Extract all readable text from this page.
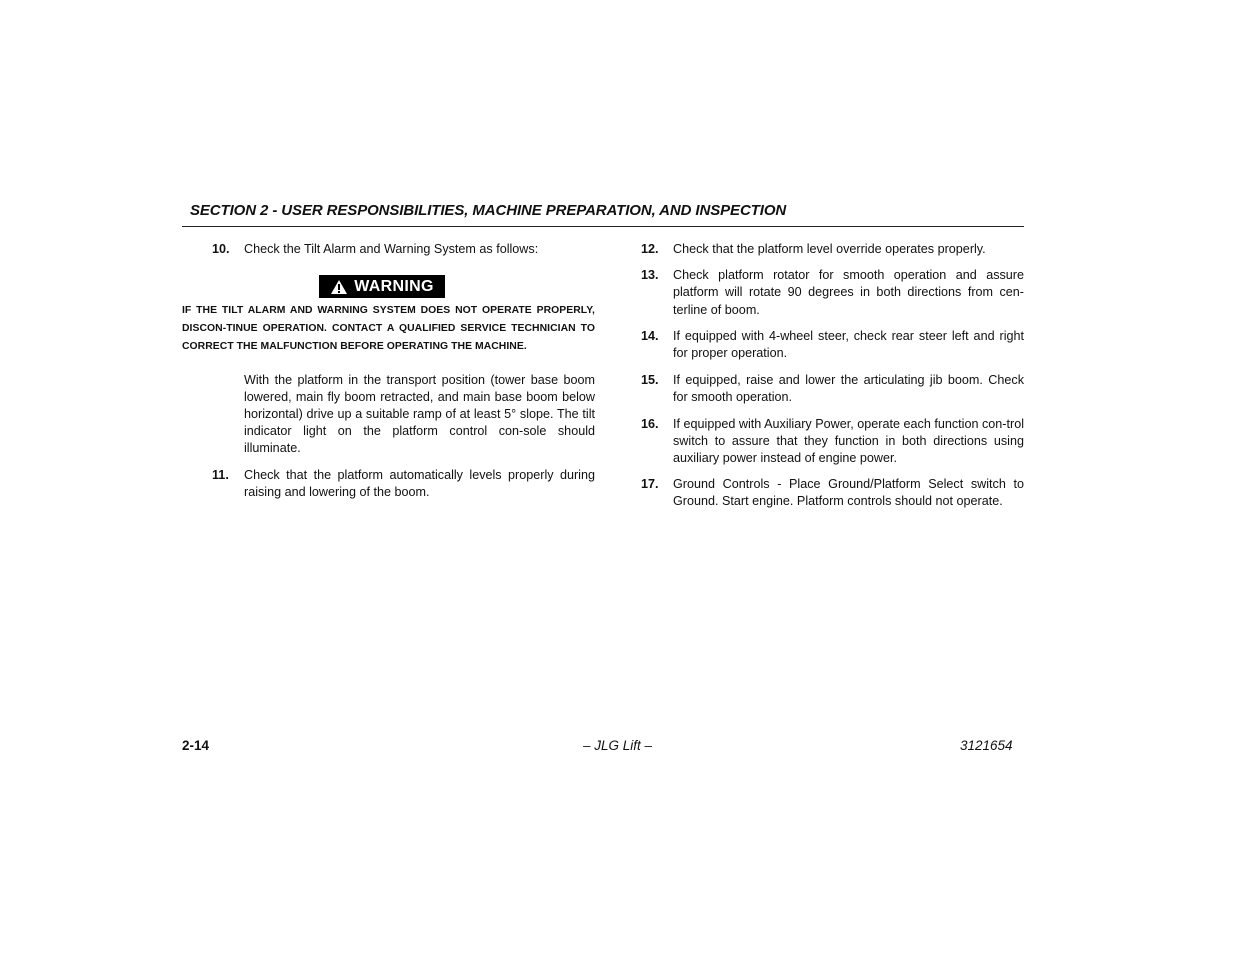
SECTION 2 - USER RESPONSIBILITIES, MACHINE PREPARATION, AND INSPECTION
10.	Check the Tilt Alarm and Warning System as follows:
WARNING
IF THE TILT ALARM AND WARNING SYSTEM DOES NOT OPERATE PROPERLY, DISCON-TINUE OPERATION. CONTACT A QUALIFIED SERVICE TECHNICIAN TO CORRECT THE MALFUNCTION BEFORE OPERATING THE MACHINE.
With the platform in the transport position (tower base boom lowered, main fly boom retracted, and main base boom below horizontal) drive up a suitable ramp of at least 5° slope. The tilt indicator light on the platform control con-sole should illuminate.
11.	Check that the platform automatically levels properly during raising and lowering of the boom.
12.	Check that the platform level override operates properly.
13.	Check platform rotator for smooth operation and assure platform will rotate 90 degrees in both directions from cen-terline of boom.
14.	If equipped with 4-wheel steer, check rear steer left and right for proper operation.
15.	If equipped, raise and lower the articulating jib boom. Check for smooth operation.
16.	If equipped with Auxiliary Power, operate each function con-trol switch to assure that they function in both directions using auxiliary power instead of engine power.
17.	Ground Controls - Place Ground/Platform Select switch to Ground. Start engine. Platform controls should not operate.
2-14	– JLG Lift –	3121654
